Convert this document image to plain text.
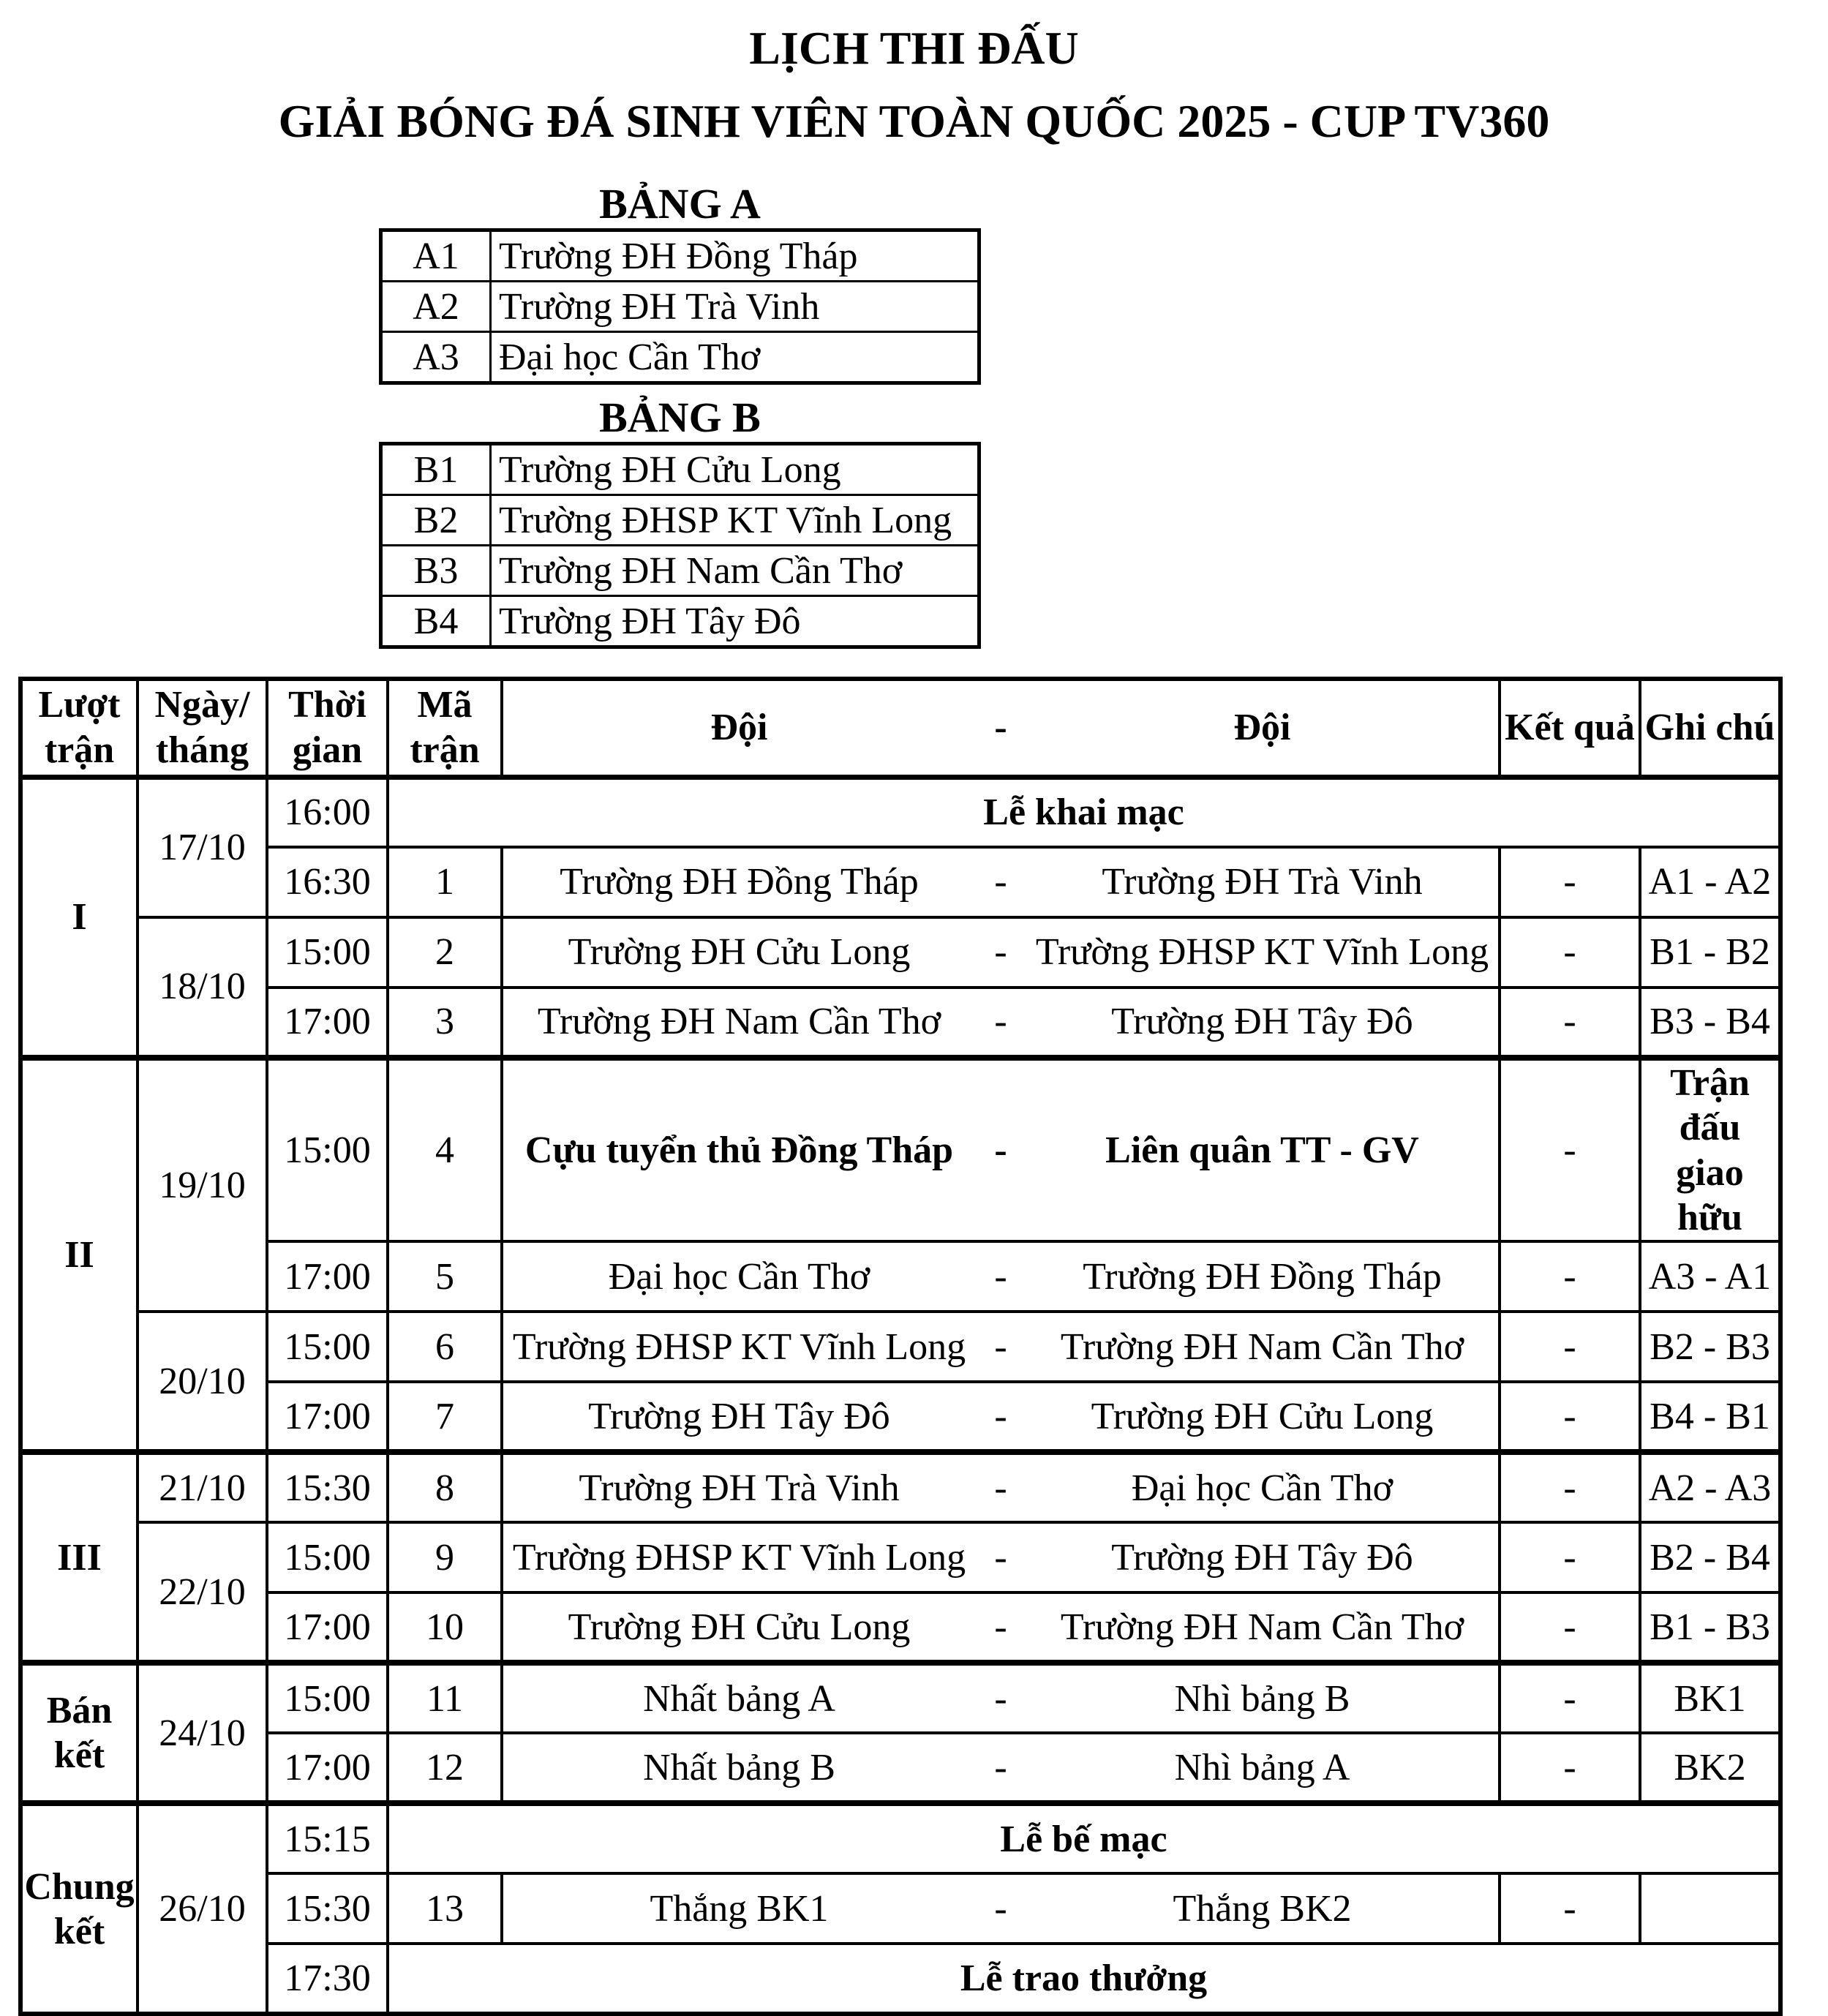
LỊCH THI ĐẤU
GIẢI BÓNG ĐÁ SINH VIÊN TOÀN QUỐC 2025 - CUP TV360
BẢNG A
A1	Trường ĐH Đồng Tháp
A2	Trường ĐH Trà Vinh
A3	Đại học Cần Thơ
BẢNG B
B1	Trường ĐH Cửu Long
B2	Trường ĐHSP KT Vĩnh Long
B3	Trường ĐH Nam Cần Thơ
B4	Trường ĐH Tây Đô
Lượt trận	Ngày/ tháng	Thời gian	Mã trận	Đội - Đội	Kết quả	Ghi chú
I	17/10	16:00	Lễ khai mạc			
		16:30	1	Trường ĐH Đồng Tháp - Trường ĐH Trà Vinh	-	A1 - A2
	18/10	15:00	2	Trường ĐH Cửu Long - Trường ĐHSP KT Vĩnh Long	-	B1 - B2
		17:00	3	Trường ĐH Nam Cần Thơ - Trường ĐH Tây Đô	-	B3 - B4
II	19/10	15:00	4	Cựu tuyển thủ Đồng Tháp - Liên quân TT - GV	-	Trận đấu giao hữu
		17:00	5	Đại học Cần Thơ - Trường ĐH Đồng Tháp	-	A3 - A1
	20/10	15:00	6	Trường ĐHSP KT Vĩnh Long - Trường ĐH Nam Cần Thơ	-	B2 - B3
		17:00	7	Trường ĐH Tây Đô - Trường ĐH Cửu Long	-	B4 - B1
III	21/10	15:30	8	Trường ĐH Trà Vinh - Đại học Cần Thơ	-	A2 - A3
	22/10	15:00	9	Trường ĐHSP KT Vĩnh Long - Trường ĐH Tây Đô	-	B2 - B4
		17:00	10	Trường ĐH Cửu Long - Trường ĐH Nam Cần Thơ	-	B1 - B3
Bán kết	24/10	15:00	11	Nhất bảng A - Nhì bảng B	-	BK1
		17:00	12	Nhất bảng B - Nhì bảng A	-	BK2
Chung kết	26/10	15:15	Lễ bế mạc			
		15:30	13	Thắng BK1 - Thắng BK2	-	
		17:30	Lễ trao thưởng			
